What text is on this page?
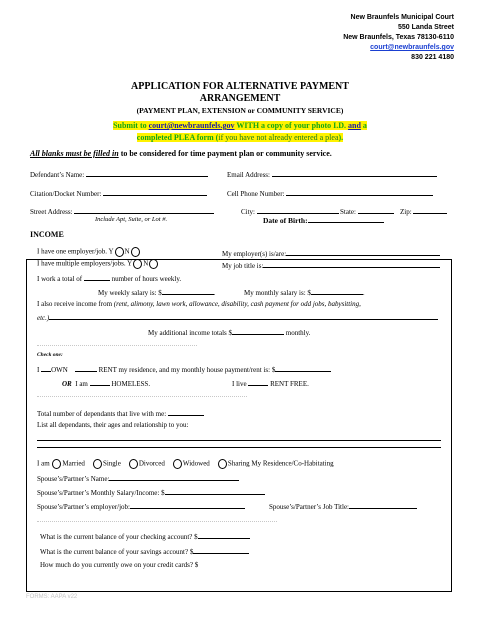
New Braunfels Municipal Court
550 Landa Street
New Braunfels, Texas 78130-6110
court@newbraunfels.gov
830 221 4180
APPLICATION FOR ALTERNATIVE PAYMENT
ARRANGEMENT
(PAYMENT PLAN, EXTENSION or COMMUNITY SERVICE)
Submit to court@newbraunfels.gov WITH a copy of your photo I.D. and a
completed PLEA form (if you have not already entered a plea).
All blanks must be filled in to be considered for time payment plan or community service.
Defendant’s Name:	Email Address:
Citation/Docket Number:	Cell Phone Number:
Street Address:	City:	State:	Zip:
Include Apt, Suite, or Lot #.	Date of Birth:
INCOME
I have one employer/job. Y N	My employer(s) is/are:
I have multiple employers/jobs. Y N	My job title is:
I work a total of	number of hours weekly.
My weekly salary is: $	.	My monthly salary is: $	.
I also receive income from (rent, alimony, lawn work, allowance, disability, cash payment for odd jobs, babysitting,
etc.)
My additional income totals $	monthly.
Check one:
I OWN	RENT my residence, and my monthly house payment/rent is: $
OR I am	HOMELESS.	I live	RENT FREE.
Total number of dependants that live with me:
List all dependants, their ages and relationship to you:
I am Married	Single	Divorced	Widowed	Sharing My Residence/Co-Habitating
Spouse’s/Partner’s Name:
Spouse’s/Partner’s Monthly Salary/Income: $
Spouse’s/Partner’s employer/job:	Spouse’s/Partner’s Job Title:
What is the current balance of your checking account? $
What is the current balance of your savings account? $
How much do you currently owe on your credit cards? $
FORMS: AAPA v22
